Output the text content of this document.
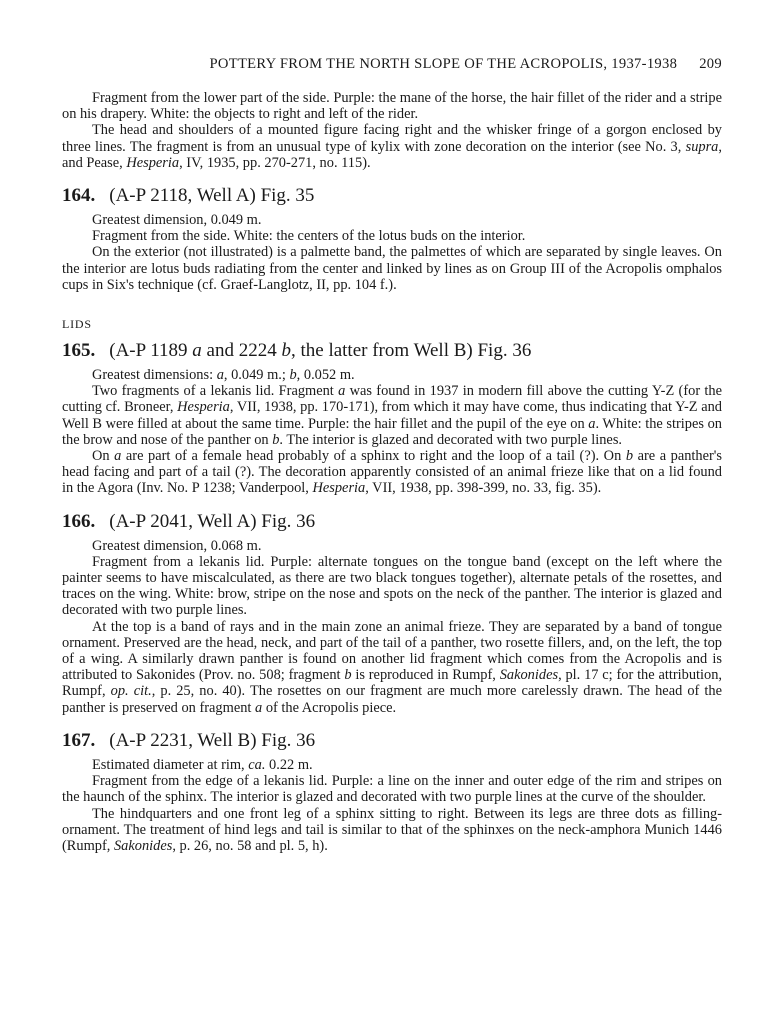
POTTERY FROM THE NORTH SLOPE OF THE ACROPOLIS, 1937-1938 209

Fragment from the lower part of the side. Purple: the mane of the horse, the hair fillet of the rider and a stripe on his drapery. White: the objects to right and left of the rider.

The head and shoulders of a mounted figure facing right and the whisker fringe of a gorgon enclosed by three lines. The fragment is from an unusual type of kylix with zone decoration on the interior (see No. 3, supra, and Pease, Hesperia, IV, 1935, pp. 270-271, no. 115).

164. (A-P 2118, Well A) Fig. 35

Greatest dimension, 0.049 m.

Fragment from the side. White: the centers of the lotus buds on the interior.

On the exterior (not illustrated) is a palmette band, the palmettes of which are separated by single leaves. On the interior are lotus buds radiating from the center and linked by lines as on Group III of the Acropolis omphalos cups in Six's technique (cf. Graef-Langlotz, II, pp. 104 f.).

LIDS
165. (A-P 1189 a and 2224 b, the latter from Well B) Fig. 36

Greatest dimensions: a, 0.049 m.; b, 0.052 m.

Two fragments of a lekanis lid. Fragment a was found in 1937 in modern fill above the cutting Y-Z (for the cutting cf. Broneer, Hesperia, VII, 1938, pp. 170-171), from which it may have come, thus indicating that Y-Z and Well B were filled at about the same time. Purple: the hair fillet and the pupil of the eye on a. White: the stripes on the brow and nose of the panther on b. The interior is glazed and decorated with two purple lines.

On a are part of a female head probably of a sphinx to right and the loop of a tail (?). On b are a panther's head facing and part of a tail (?). The decoration apparently consisted of an animal frieze like that on a lid found in the Agora (Inv. No. P 1238; Vanderpool, Hesperia, VII, 1938, pp. 398-399, no. 33, fig. 35).

166. (A-P 2041, Well A) Fig. 36

Greatest dimension, 0.068 m.

Fragment from a lekanis lid. Purple: alternate tongues on the tongue band (except on the left where the painter seems to have miscalculated, as there are two black tongues together), alternate petals of the rosettes, and traces on the wing. White: brow, stripe on the nose and spots on the neck of the panther. The interior is glazed and decorated with two purple lines.

At the top is a band of rays and in the main zone an animal frieze. They are separated by a band of tongue ornament. Preserved are the head, neck, and part of the tail of a panther, two rosette fillers, and, on the left, the top of a wing. A similarly drawn panther is found on another lid fragment which comes from the Acropolis and is attributed to Sakonides (Prov. no. 508; fragment b is reproduced in Rumpf, Sakonides, pl. 17 c; for the attribution, Rumpf, op. cit., p. 25, no. 40). The rosettes on our fragment are much more carelessly drawn. The head of the panther is preserved on fragment a of the Acropolis piece.

167. (A-P 2231, Well B) Fig. 36

Estimated diameter at rim, ca. 0.22 m.

Fragment from the edge of a lekanis lid. Purple: a line on the inner and outer edge of the rim and stripes on the haunch of the sphinx. The interior is glazed and decorated with two purple lines at the curve of the shoulder.

The hindquarters and one front leg of a sphinx sitting to right. Between its legs are three dots as filling-ornament. The treatment of hind legs and tail is similar to that of the sphinxes on the neck-amphora Munich 1446 (Rumpf, Sakonides, p. 26, no. 58 and pl. 5, h).
